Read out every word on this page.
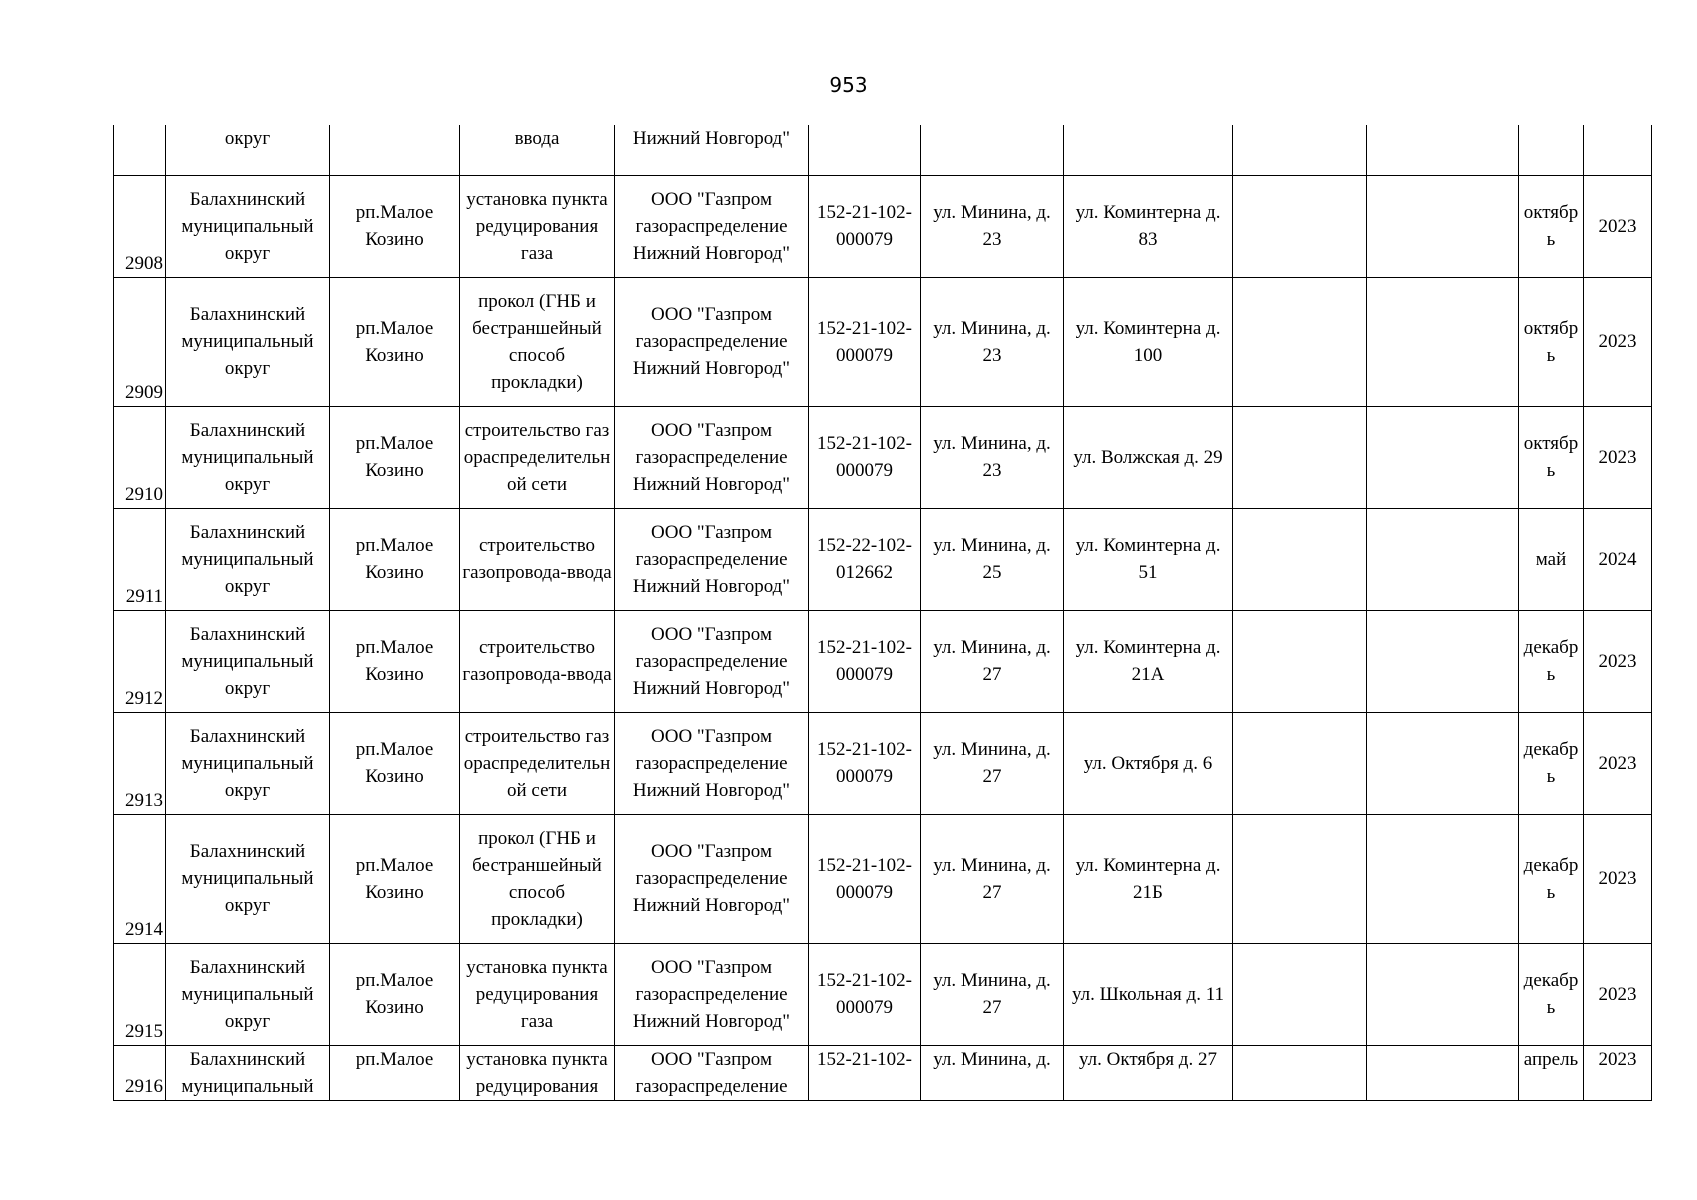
953
	округ		ввода	Нижний Новгород"							
2908	Балахнинский муниципальный округ	рп.Малое Козино	установка пункта редуцирования газа	ООО "Газпром газораспределение Нижний Новгород"	152-21-102-000079	ул. Минина, д. 23	ул. Коминтерна д. 83			октябрь	2023
2909	Балахнинский муниципальный округ	рп.Малое Козино	прокол (ГНБ и бестраншейный способ прокладки)	ООО "Газпром газораспределение Нижний Новгород"	152-21-102-000079	ул. Минина, д. 23	ул. Коминтерна д. 100			октябрь	2023
2910	Балахнинский муниципальный округ	рп.Малое Козино	строительство газораспределительной сети	ООО "Газпром газораспределение Нижний Новгород"	152-21-102-000079	ул. Минина, д. 23	ул. Волжская д. 29			октябрь	2023
2911	Балахнинский муниципальный округ	рп.Малое Козино	строительство газопровода-ввода	ООО "Газпром газораспределение Нижний Новгород"	152-22-102-012662	ул. Минина, д. 25	ул. Коминтерна д. 51			май	2024
2912	Балахнинский муниципальный округ	рп.Малое Козино	строительство газопровода-ввода	ООО "Газпром газораспределение Нижний Новгород"	152-21-102-000079	ул. Минина, д. 27	ул. Коминтерна д. 21А			декабрь	2023
2913	Балахнинский муниципальный округ	рп.Малое Козино	строительство газораспределительной сети	ООО "Газпром газораспределение Нижний Новгород"	152-21-102-000079	ул. Минина, д. 27	ул. Октября д. 6			декабрь	2023
2914	Балахнинский муниципальный округ	рп.Малое Козино	прокол (ГНБ и бестраншейный способ прокладки)	ООО "Газпром газораспределение Нижний Новгород"	152-21-102-000079	ул. Минина, д. 27	ул. Коминтерна д. 21Б			декабрь	2023
2915	Балахнинский муниципальный округ	рп.Малое Козино	установка пункта редуцирования газа	ООО "Газпром газораспределение Нижний Новгород"	152-21-102-000079	ул. Минина, д. 27	ул. Школьная д. 11			декабрь	2023
2916	Балахнинский муниципальный	рп.Малое	установка пункта редуцирования	ООО "Газпром газораспределение	152-21-102-	ул. Минина, д.	ул. Октября д. 27			апрель	2023
